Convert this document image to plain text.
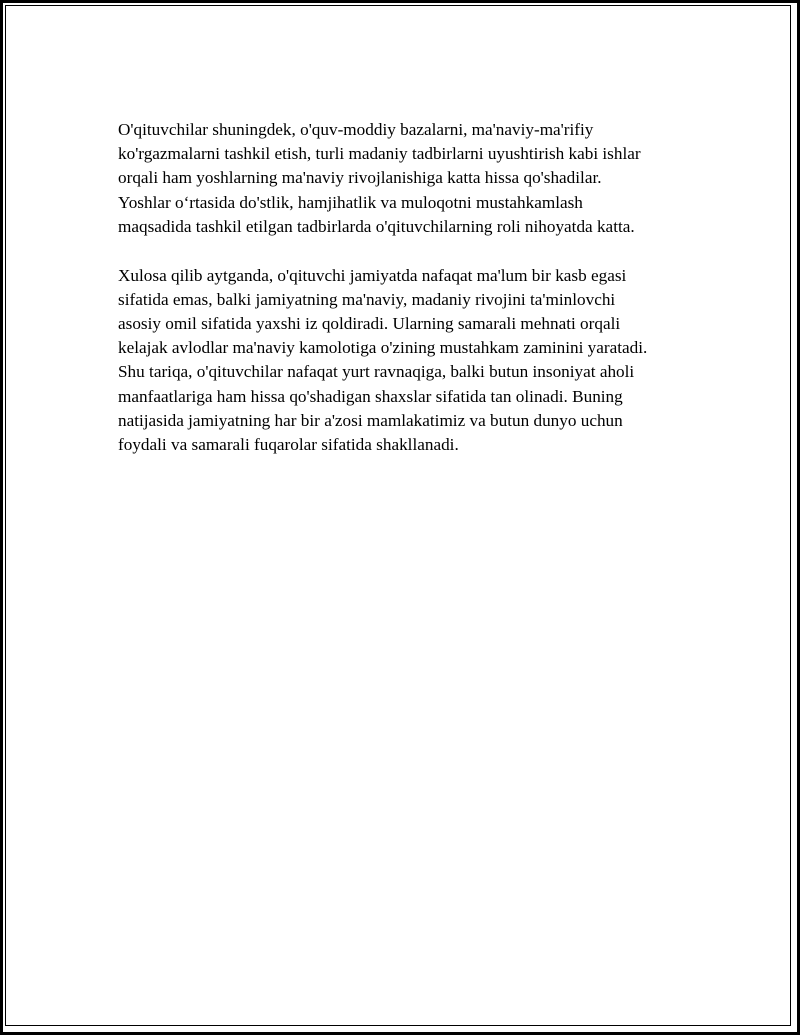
O'qituvchilar shuningdek, o'quv-moddiy bazalarni, ma'naviy-ma'rifiy
ko'rgazmalarni tashkil etish, turli madaniy tadbirlarni uyushtirish kabi ishlar
orqali ham yoshlarning ma'naviy rivojlanishiga katta hissa qo'shadilar.
Yoshlar o‘rtasida do'stlik, hamjihatlik va muloqotni mustahkamlash
maqsadida tashkil etilgan tadbirlarda o'qituvchilarning roli nihoyatda katta.

Xulosa qilib aytganda, o'qituvchi jamiyatda nafaqat ma'lum bir kasb egasi
sifatida emas, balki jamiyatning ma'naviy, madaniy rivojini ta'minlovchi
asosiy omil sifatida yaxshi iz qoldiradi. Ularning samarali mehnati orqali
kelajak avlodlar ma'naviy kamolotiga o'zining mustahkam zaminini yaratadi.
Shu tariqa, o'qituvchilar nafaqat yurt ravnaqiga, balki butun insoniyat aholi
manfaatlariga ham hissa qo'shadigan shaxslar sifatida tan olinadi. Buning
natijasida jamiyatning har bir a'zosi mamlakatimiz va butun dunyo uchun
foydali va samarali fuqarolar sifatida shakllanadi.
